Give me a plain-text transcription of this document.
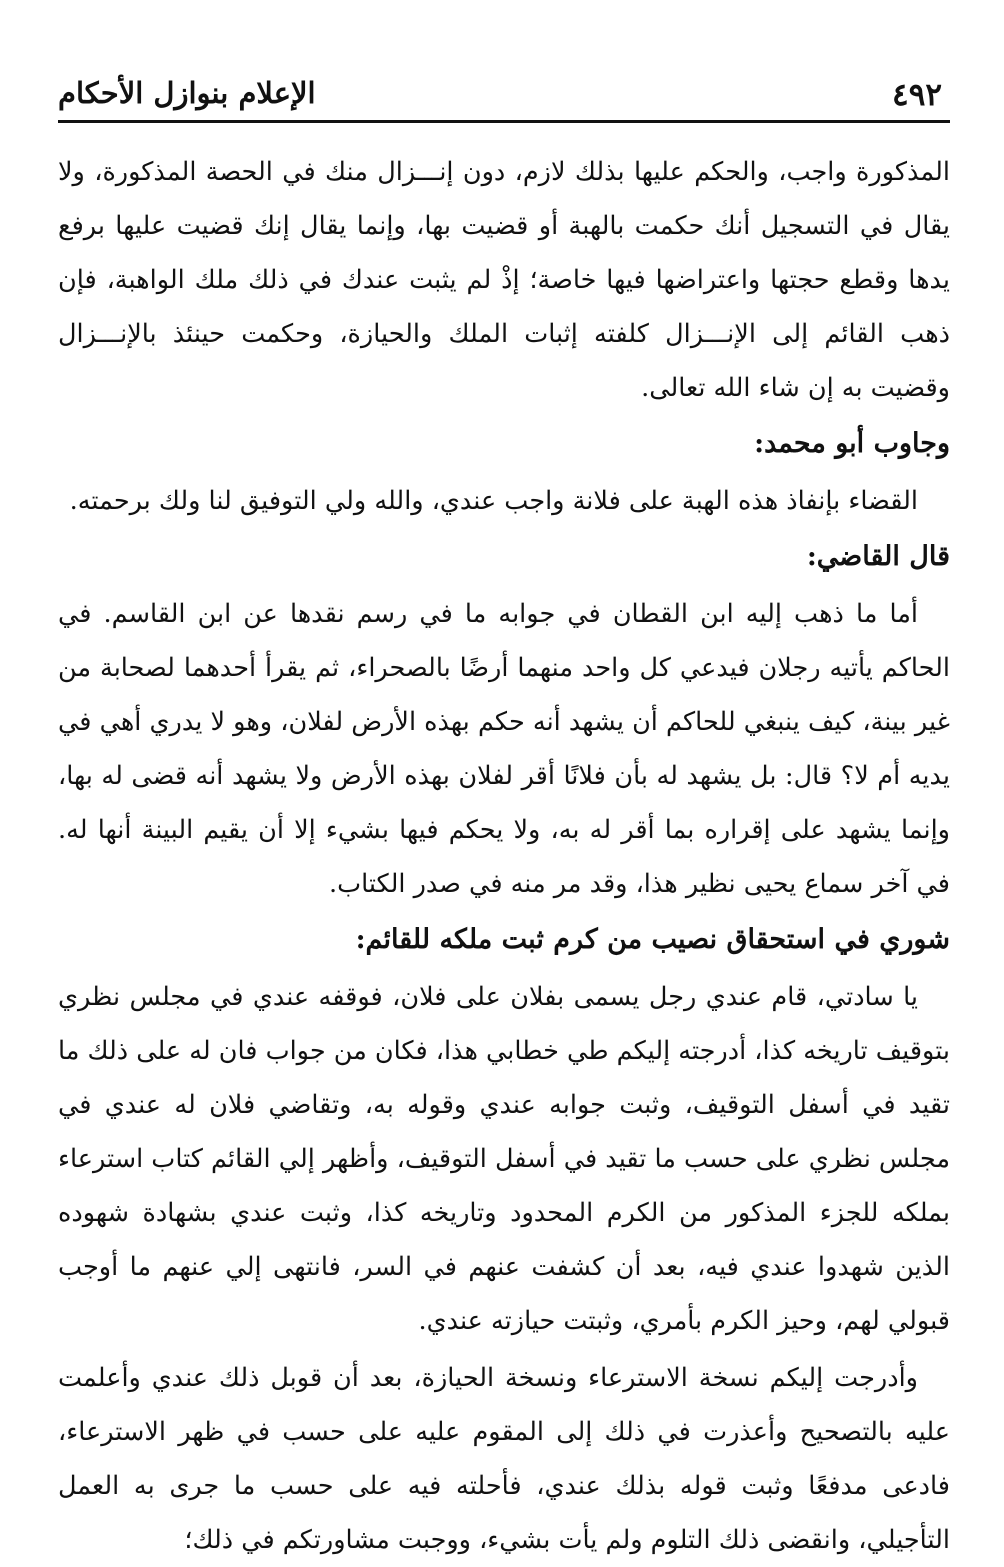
٤٩٢
الإعلام بنوازل الأحكام

المذكورة واجب، والحكم عليها بذلك لازم، دون إنـــزال منك في الحصة المذكورة، ولا يقال في التسجيل أنك حكمت بالهبة أو قضيت بها، وإنما يقال إنك قضيت عليها برفع يدها وقطع حجتها واعتراضها فيها خاصة؛ إذْ لم يثبت عندك في ذلك ملك الواهبة، فإن ذهب القائم إلى الإنـــزال كلفته إثبات الملك والحيازة، وحكمت حينئذ بالإنـــزال وقضيت به إن شاء الله تعالى.

وجاوب أبو محمد:

القضاء بإنفاذ هذه الهبة على فلانة واجب عندي، والله ولي التوفيق لنا ولك برحمته.

قال القاضي:

أما ما ذهب إليه ابن القطان في جوابه ما في رسم نقدها عن ابن القاسم. في الحاكم يأتيه رجلان فيدعي كل واحد منهما أرضًا بالصحراء، ثم يقرأ أحدهما لصحابة من غير بينة، كيف ينبغي للحاكم أن يشهد أنه حكم بهذه الأرض لفلان، وهو لا يدري أهي في يديه أم لا؟ قال: بل يشهد له بأن فلانًا أقر لفلان بهذه الأرض ولا يشهد أنه قضى له بها، وإنما يشهد على إقراره بما أقر له به، ولا يحكم فيها بشيء إلا أن يقيم البينة أنها له. في آخر سماع يحيى نظير هذا، وقد مر منه في صدر الكتاب.

شوري في استحقاق نصيب من كرم ثبت ملكه للقائم:

يا سادتي، قام عندي رجل يسمى بفلان على فلان، فوقفه عندي في مجلس نظري بتوقيف تاريخه كذا، أدرجته إليكم طي خطابي هذا، فكان من جواب فان له على ذلك ما تقيد في أسفل التوقيف، وثبت جوابه عندي وقوله به، وتقاضي فلان له عندي في مجلس نظري على حسب ما تقيد في أسفل التوقيف، وأظهر إلي القائم كتاب استرعاء بملكه للجزء المذكور من الكرم المحدود وتاريخه كذا، وثبت عندي بشهادة شهوده الذين شهدوا عندي فيه، بعد أن كشفت عنهم في السر، فانتهى إلي عنهم ما أوجب قبولي لهم، وحيز الكرم بأمري، وثبتت حيازته عندي.

وأدرجت إليكم نسخة الاسترعاء ونسخة الحيازة، بعد أن قوبل ذلك عندي وأعلمت عليه بالتصحيح وأعذرت في ذلك إلى المقوم عليه على حسب في ظهر الاسترعاء، فادعى مدفعًا وثبت قوله بذلك عندي، فأحلته فيه على حسب ما جرى به العمل التأجيلي، وانقضى ذلك التلوم ولم يأت بشيء، ووجبت مشاورتكم في ذلك؛
